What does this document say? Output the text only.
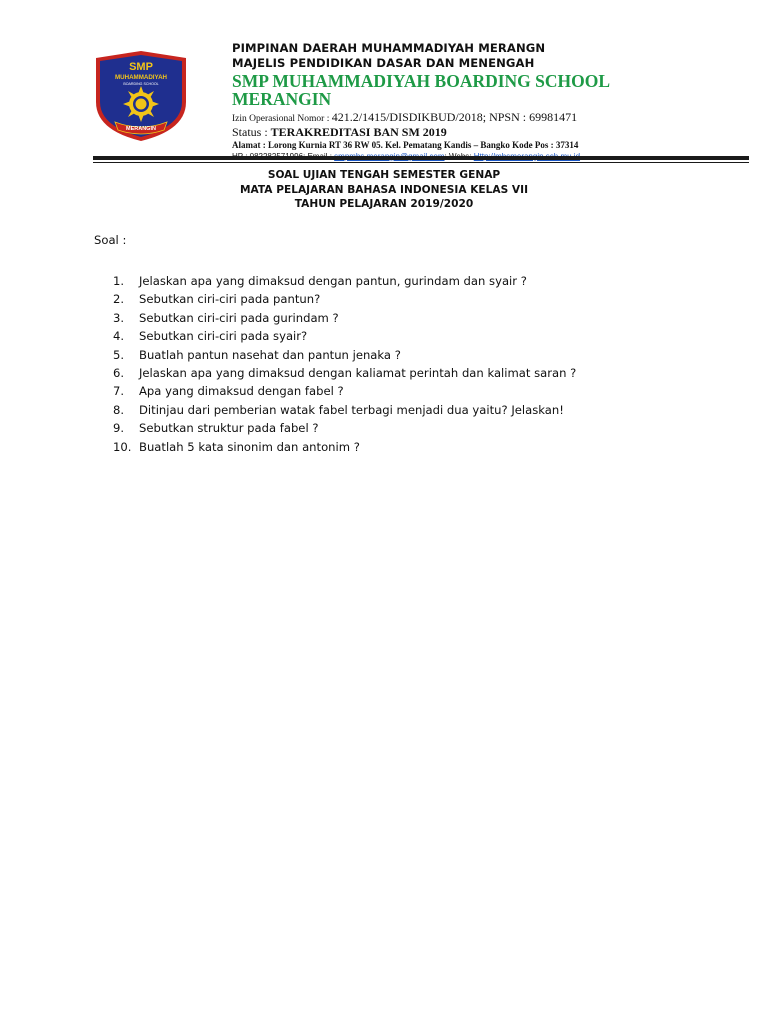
SMP
MUHAMMADIYAH
BOARDING SCHOOL
MERANGIN
PIMPINAN DAERAH MUHAMMADIYAH MERANGN
MAJELIS PENDIDIKAN DASAR DAN MENENGAH
SMP MUHAMMADIYAH BOARDING SCHOOL
MERANGIN
Izin Operasional Nomor : 421.2/1415/DISDIKBUD/2018; NPSN : 69981471
Status : TERAKREDITASI BAN SM 2019
Alamat : Lorong Kurnia RT 36 RW 05. Kel. Pematang Kandis – Bangko Kode Pos : 37314
SOAL UJIAN TENGAH SEMESTER GENAP
MATA PELAJARAN BAHASA INDONESIA KELAS VII
TAHUN PELAJARAN 2019/2020
Soal :
1.	Jelaskan apa yang dimaksud dengan pantun, gurindam dan syair ?
2.	Sebutkan ciri-ciri pada pantun?
3.	Sebutkan ciri-ciri pada gurindam ?
4.	Sebutkan ciri-ciri pada syair?
5.	Buatlah pantun nasehat dan pantun jenaka ?
6.	Jelaskan apa yang dimaksud dengan kaliamat perintah dan kalimat saran ?
7.	Apa yang dimaksud dengan fabel ?
8.	Ditinjau dari pemberian watak fabel terbagi menjadi dua yaitu? Jelaskan!
9.	Sebutkan struktur pada fabel ?
10. Buatlah 5 kata sinonim dan antonim ?
